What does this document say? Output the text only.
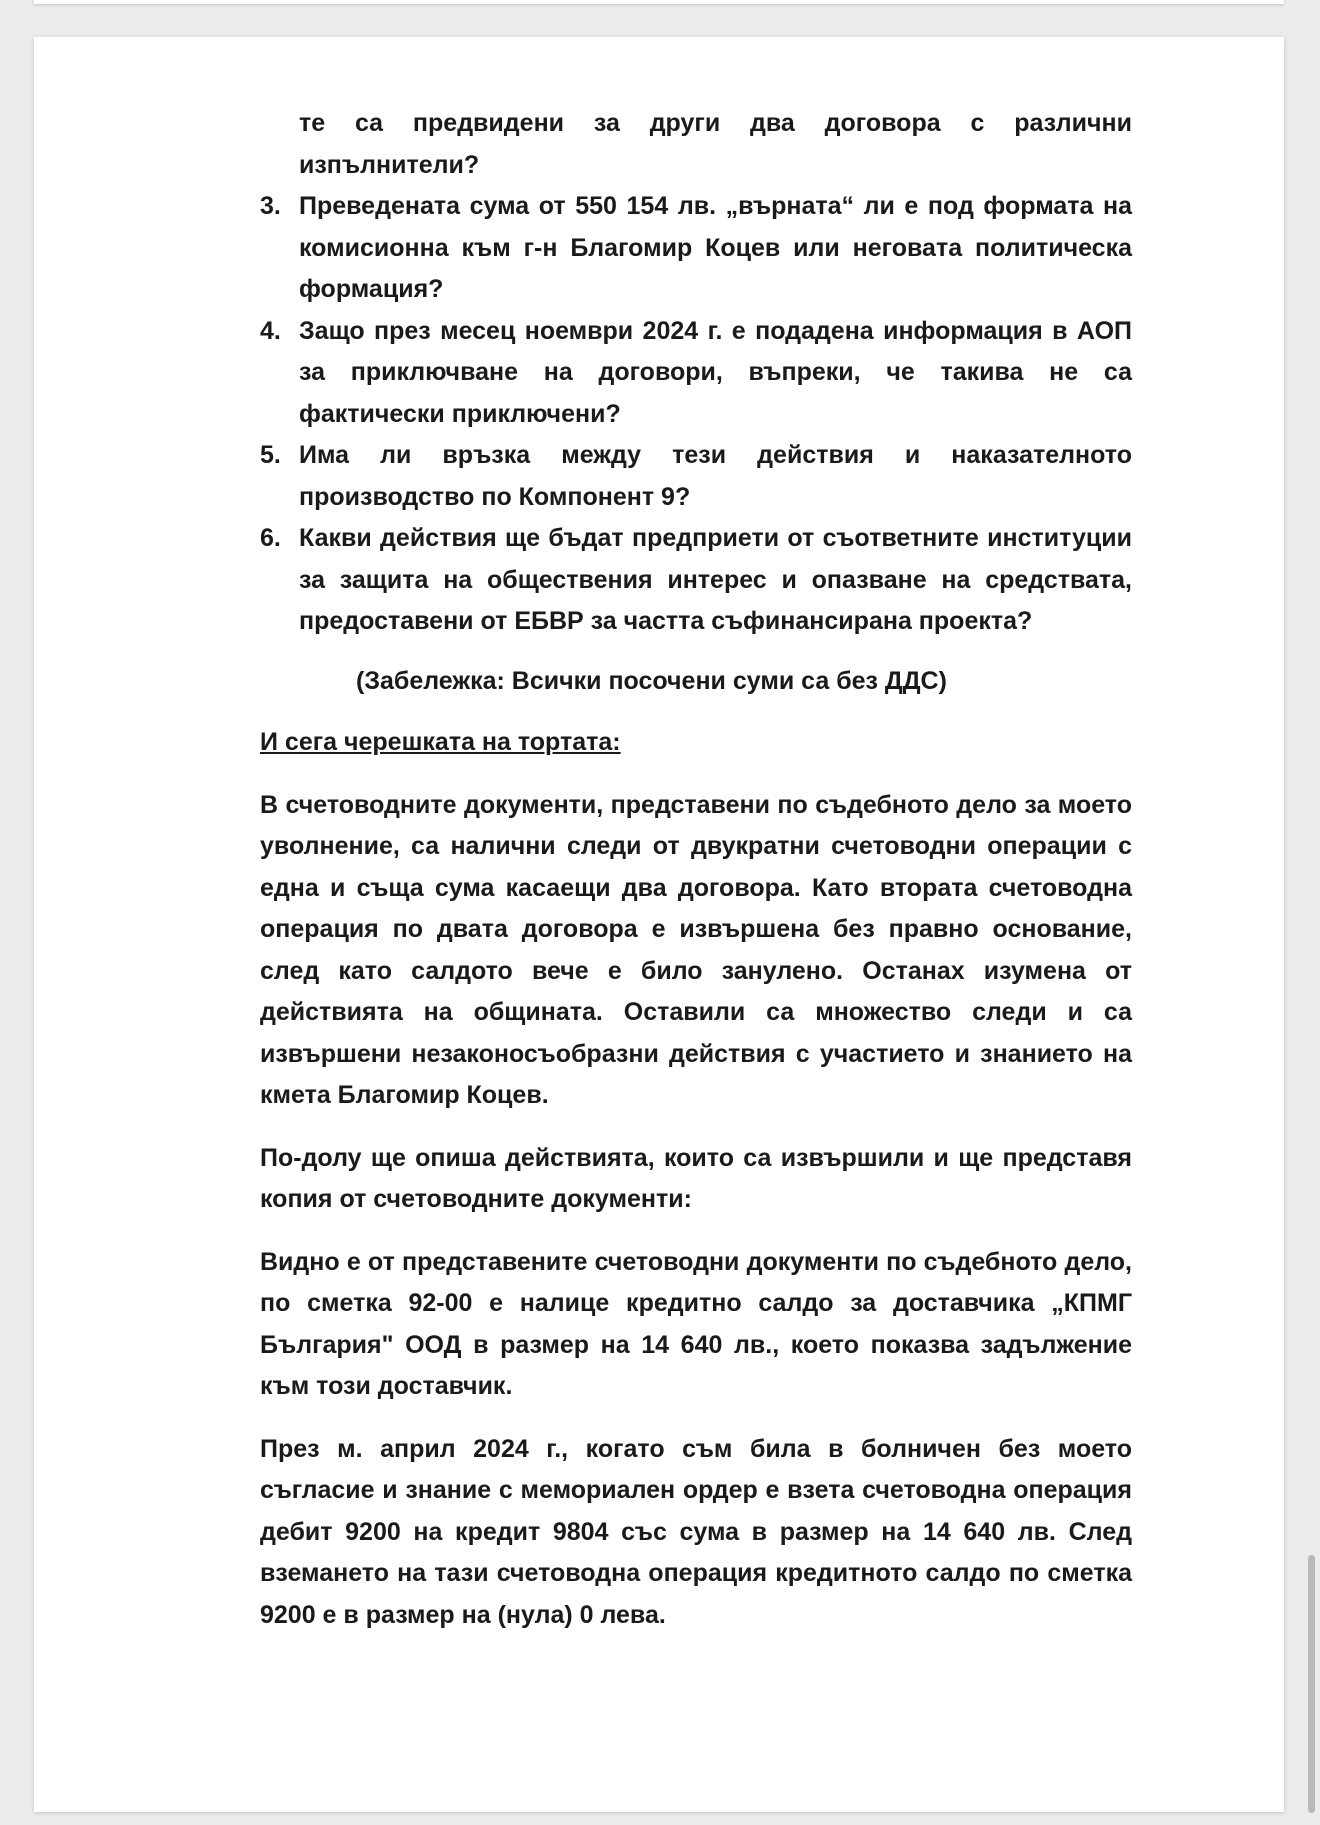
те са предвидени за други два договора с различни изпълнители?

3. Преведената сума от 550 154 лв. „върната“ ли е под формата на комисионна към г-н Благомир Коцев или неговата политическа формация?
4. Защо през месец ноември 2024 г. е подадена информация в АОП за приключване на договори, въпреки, че такива не са фактически приключени?
5. Има ли връзка между тези действия и наказателното производство по Компонент 9?
6. Какви действия ще бъдат предприети от съответните институции за защита на обществения интерес и опазване на средствата, предоставени от ЕБВР за частта съфинансирана проекта?

(Забележка: Всички посочени суми са без ДДС)

И сега черешката на тортата:

В счетоводните документи, представени по съдебното дело за моето уволнение, са налични следи от двукратни счетоводни операции с една и съща сума касаещи два договора. Като втората счетоводна операция по двата договора е извършена без правно основание, след като салдото вече е било занулено. Останах изумена от действията на общината. Оставили са множество следи и са извършени незаконосъобразни действия с участието и знанието на кмета Благомир Коцев.

По-долу ще опиша действията, които са извършили и ще представя копия от счетоводните документи:

Видно е от представените счетоводни документи по съдебното дело, по сметка 92-00 е налице кредитно салдо за доставчика „КПМГ България" ООД в размер на 14 640 лв., което показва задължение към този доставчик.

През м. април 2024 г., когато съм била в болничен без моето съгласие и знание с мемориален ордер е взета счетоводна операция дебит 9200 на кредит 9804 със сума в размер на 14 640 лв. След вземането на тази счетоводна операция кредитното салдо по сметка 9200 е в размер на (нула) 0 лева.
